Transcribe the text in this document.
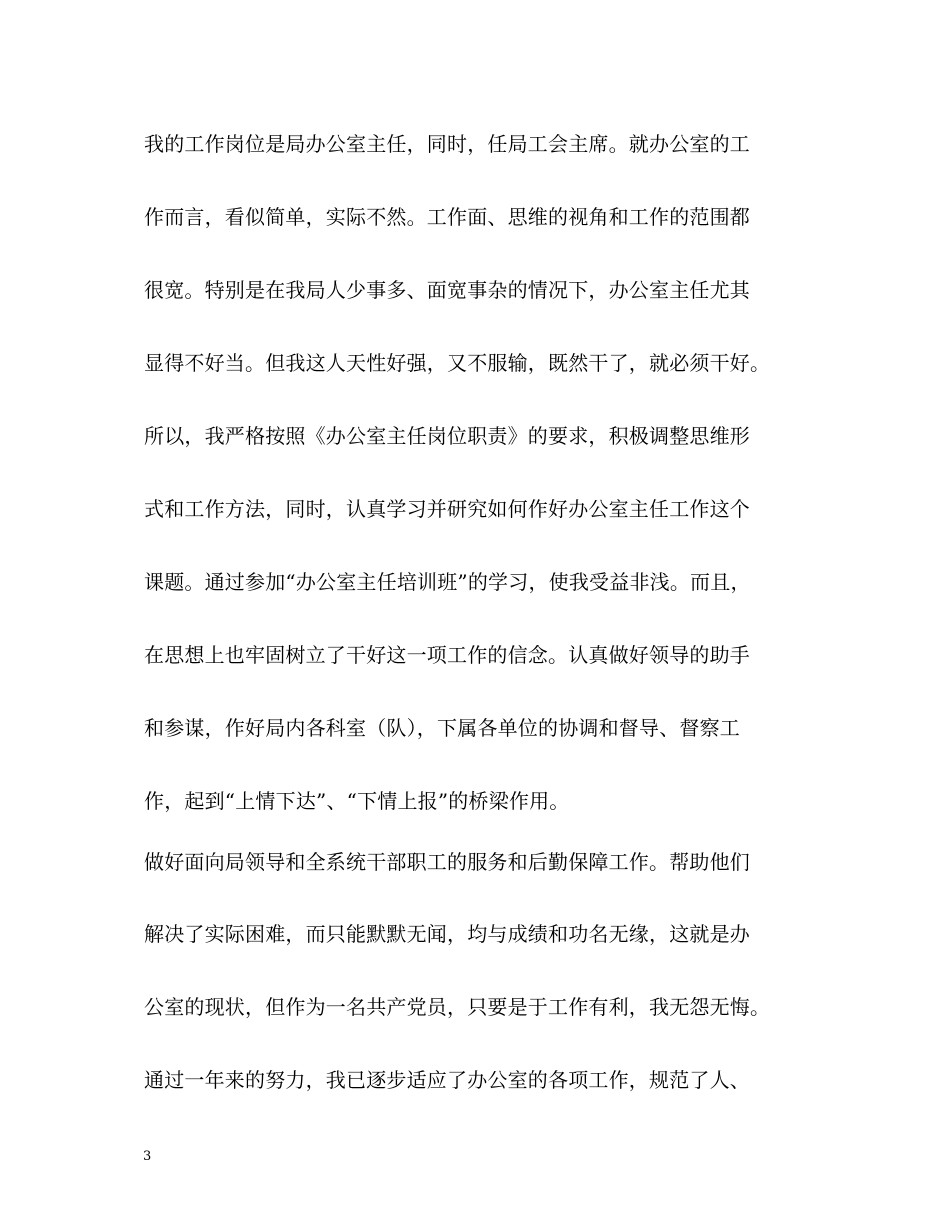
我的工作岗位是局办公室主任，同时，任局工会主席。就办公室的工
作而言，看似简单，实际不然。工作面、思维的视角和工作的范围都
很宽。特别是在我局人少事多、面宽事杂的情况下，办公室主任尤其
显得不好当。但我这人天性好强，又不服输，既然干了，就必须干好。
所以，我严格按照《办公室主任岗位职责》的要求，积极调整思维形
式和工作方法，同时，认真学习并研究如何作好办公室主任工作这个
课题。通过参加“办公室主任培训班”的学习，使我受益非浅。而且，
在思想上也牢固树立了干好这一项工作的信念。认真做好领导的助手
和参谋，作好局内各科室（队），下属各单位的协调和督导、督察工
作，起到“上情下达”、“下情上报”的桥梁作用。
做好面向局领导和全系统干部职工的服务和后勤保障工作。帮助他们
解决了实际困难，而只能默默无闻，均与成绩和功名无缘，这就是办
公室的现状，但作为一名共产党员，只要是于工作有利，我无怨无悔。
通过一年来的努力，我已逐步适应了办公室的各项工作，规范了人、
3
